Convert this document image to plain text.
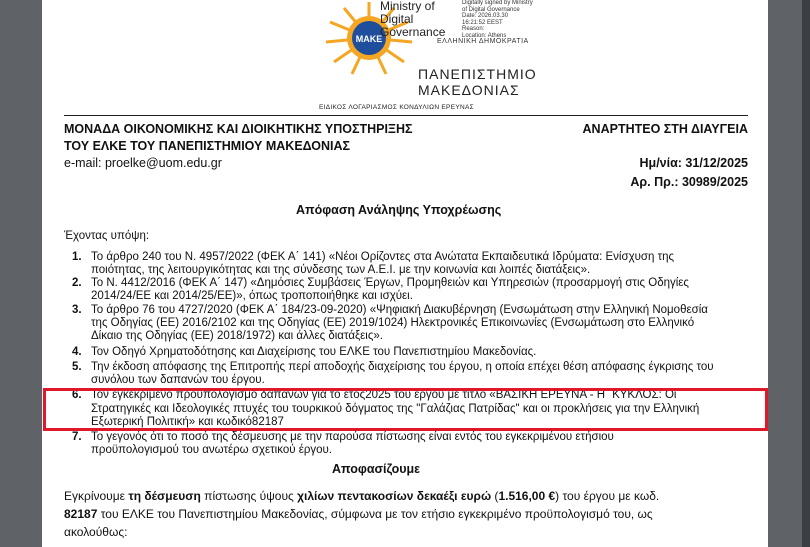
ΜΑΚΕ
Ministry of
Digital
Governance
Digitally signed by Ministry
of Digital Governance
Date: 2026.03.30
16:21:52 EEST
Reason:
Location: Athens
ΕΛΛΗΝΙΚΗ ΔΗΜΟΚΡΑΤΙΑ
ΠΑΝΕΠΙΣΤΗΜΙΟ
ΜΑΚΕΔΟΝΙΑΣ
ΕΙΔΙΚΟΣ ΛΟΓΑΡΙΑΣΜΟΣ ΚΟΝΔΥΛΙΩΝ ΕΡΕΥΝΑΣ
ΜΟΝΑΔΑ ΟΙΚΟΝΟΜΙΚΗΣ ΚΑΙ ΔΙΟΙΚΗΤΙΚΗΣ ΥΠΟΣΤΗΡΙΞΗΣ
ΤΟΥ ΕΛΚΕ ΤΟΥ ΠΑΝΕΠΙΣΤΗΜΙΟΥ ΜΑΚΕΔΟΝΙΑΣ
e-mail: proelke@uom.edu.gr
ΑΝΑΡΤΗΤΕΟ ΣΤΗ ΔΙΑΥΓΕΙΑ
Ημ/νία: 31/12/2025
Αρ. Πρ.: 30989/2025
Απόφαση Ανάληψης Υποχρέωσης
Έχοντας υπόψη:
1. Το άρθρο 240 του Ν. 4957/2022 (ΦΕΚ Α΄ 141) «Νέοι Ορίζοντες στα Ανώτατα Εκπαιδευτικά Ιδρύματα: Ενίσχυση της
ποιότητας, της λειτουργικότητας και της σύνδεσης των Α.Ε.Ι. με την κοινωνία και λοιπές διατάξεις».
2. Το Ν. 4412/2016 (ΦΕΚ Α΄ 147) «Δημόσιες Συμβάσεις Έργων, Προμηθειών και Υπηρεσιών (προσαρμογή στις Οδηγίες
2014/24/ΕΕ και 2014/25/ΕΕ)», όπως τροποποιήθηκε και ισχύει.
3. Το άρθρο 76 του 4727/2020 (ΦΕΚ Α΄ 184/23-09-2020) «Ψηφιακή Διακυβέρνηση (Ενσωμάτωση στην Ελληνική Νομοθεσία
της Οδηγίας (ΕΕ) 2016/2102 και της Οδηγίας (ΕΕ) 2019/1024) Ηλεκτρονικές Επικοινωνίες (Ενσωμάτωση στο Ελληνικό
Δίκαιο της Οδηγίας (ΕΕ) 2018/1972) και άλλες διατάξεις».
4. Τον Οδηγό Χρηματοδότησης και Διαχείρισης του ΕΛΚΕ του Πανεπιστημίου Μακεδονίας.
5. Την έκδοση απόφασης της Επιτροπής περί αποδοχής διαχείρισης του έργου, η οποία επέχει θέση απόφασης έγκρισης του
συνόλου των δαπανών του έργου.
6. Τον εγκεκριμένο προϋπολογισμό δαπανών για το έτος2025 του έργου με τίτλο «ΒΑΣΙΚΗ ΕΡΕΥΝΑ - Η΄ ΚΥΚΛΟΣ: Οι
Στρατηγικές και Ιδεολογικές πτυχές του τουρκικού δόγματος της "Γαλάζιας Πατρίδας" και οι προκλήσεις για την Ελληνική
Εξωτερική Πολιτική» και κωδικό82187
7. Το γεγονός ότι το ποσό της δέσμευσης με την παρούσα πίστωσης είναι εντός του εγκεκριμένου ετήσιου
προϋπολογισμού του ανωτέρω σχετικού έργου.
Αποφασίζουμε
Εγκρίνουμε τη δέσμευση πίστωσης ύψους χιλίων πεντακοσίων δεκαέξι ευρώ (1.516,00 €) του έργου με κωδ.
82187 του ΕΛΚΕ του Πανεπιστημίου Μακεδονίας, σύμφωνα με τον ετήσιο εγκεκριμένο προϋπολογισμό του, ως
ακολούθως:
